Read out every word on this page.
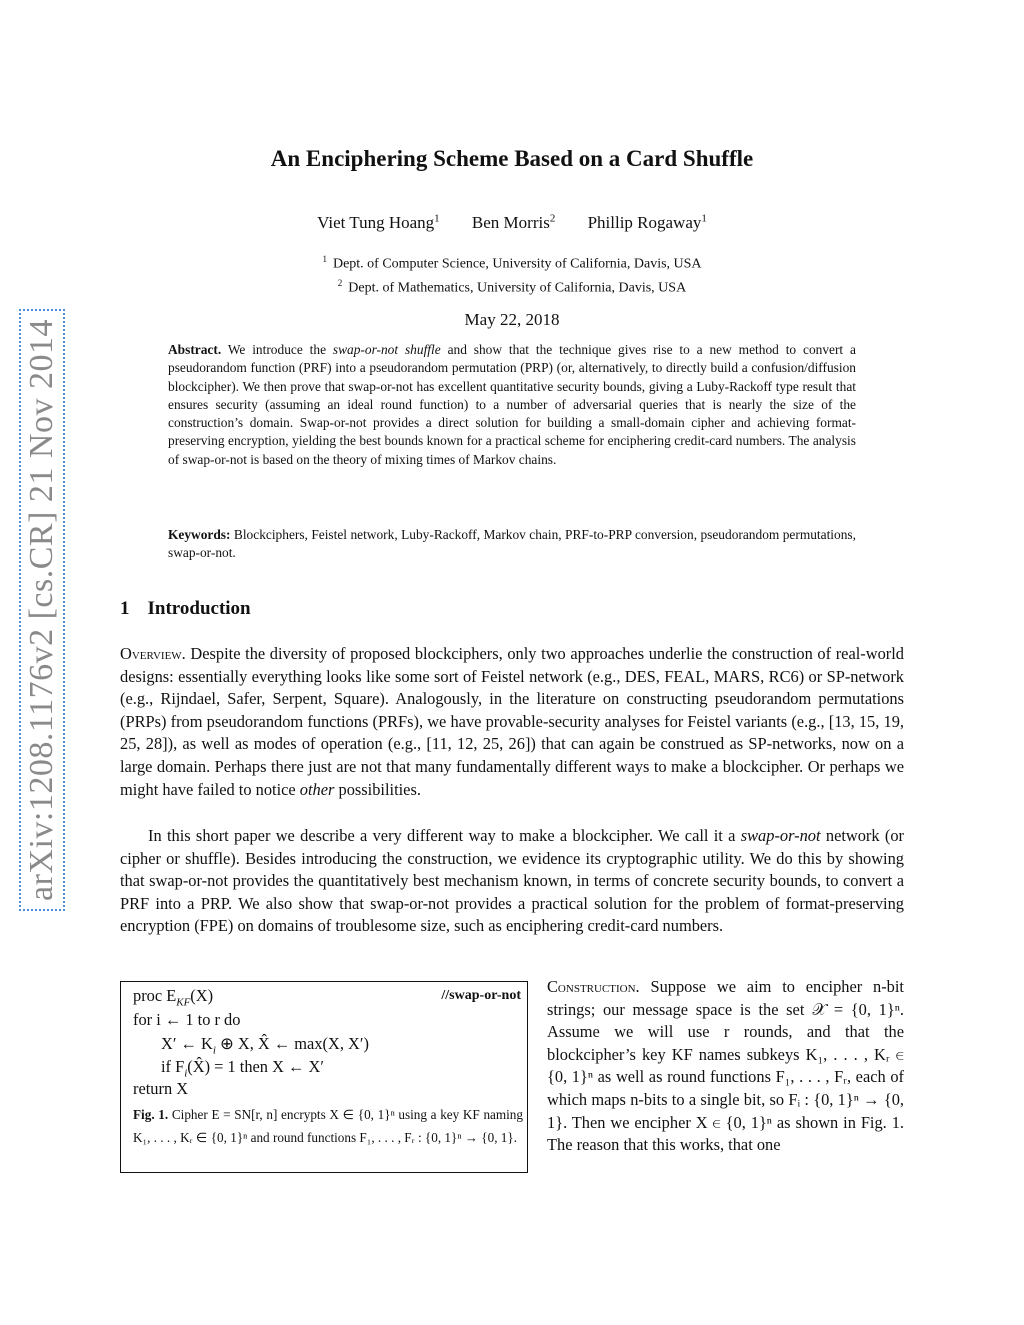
arXiv:1208.1176v2 [cs.CR] 21 Nov 2014
An Enciphering Scheme Based on a Card Shuffle
Viet Tung Hoang$^1$ Ben Morris$^2$ Phillip Rogaway$^1$
$^1$ Dept. of Computer Science, University of California, Davis, USA
$^2$ Dept. of Mathematics, University of California, Davis, USA
May 22, 2018
Abstract. We introduce the swap-or-not shuffle and show that the technique gives rise to a new method to convert a pseudorandom function (PRF) into a pseudorandom permutation (PRP) (or, alternatively, to directly build a confusion/diffusion blockcipher). We then prove that swap-or-not has excellent quantitative security bounds, giving a Luby-Rackoff type result that ensures security (assuming an ideal round function) to a number of adversarial queries that is nearly the size of the construction’s domain. Swap-or-not provides a direct solution for building a small-domain cipher and achieving format-preserving encryption, yielding the best bounds known for a practical scheme for enciphering credit-card numbers. The analysis of swap-or-not is based on the theory of mixing times of Markov chains.
Keywords: Blockciphers, Feistel network, Luby-Rackoff, Markov chain, PRF-to-PRP conversion, pseudorandom permutations, swap-or-not.
1 Introduction
Overview. Despite the diversity of proposed blockciphers, only two approaches underlie the construction of real-world designs: essentially everything looks like some sort of Feistel network (e.g., DES, FEAL, MARS, RC6) or SP-network (e.g., Rijndael, Safer, Serpent, Square). Analogously, in the literature on constructing pseudorandom permutations (PRPs) from pseudorandom functions (PRFs), we have provable-security analyses for Feistel variants (e.g., [13, 15, 19, 25, 28]), as well as modes of operation (e.g., [11, 12, 25, 26]) that can again be construed as SP-networks, now on a large domain. Perhaps there just are not that many fundamentally different ways to make a blockcipher. Or perhaps we might have failed to notice other possibilities.
In this short paper we describe a very different way to make a blockcipher. We call it a swap-or-not network (or cipher or shuffle). Besides introducing the construction, we evidence its cryptographic utility. We do this by showing that swap-or-not provides the quantitatively best mechanism known, in terms of concrete security bounds, to convert a PRF into a PRP. We also show that swap-or-not provides a practical solution for the problem of format-preserving encryption (FPE) on domains of troublesome size, such as enciphering credit-card numbers.
//swap-or-not
proc $E_{KF}(X)$
for i ← 1 to r do
X′ ← $K_i$ ⊕ X, X̂ ← max(X, X′)
if $F_i(X̂) = 1$ then X ← X′
return X
Fig. 1. Cipher E = SN[r, n] encrypts X ∈ {0, 1}ⁿ using a key KF naming K₁, . . . , Kᵣ ∈ {0, 1}ⁿ and round functions F₁, . . . , Fᵣ : {0, 1}ⁿ → {0, 1}.
Construction. Suppose we aim to encipher n-bit strings; our message space is the set 𝒳 = {0, 1}ⁿ. Assume we will use r rounds, and that the blockcipher’s key KF names subkeys K₁, . . . , Kᵣ ∈ {0, 1}ⁿ as well as round functions F₁, . . . , Fᵣ, each of which maps n-bits to a single bit, so Fᵢ : {0, 1}ⁿ → {0, 1}. Then we encipher X ∈ {0, 1}ⁿ as shown in Fig. 1. The reason that this works, that one
